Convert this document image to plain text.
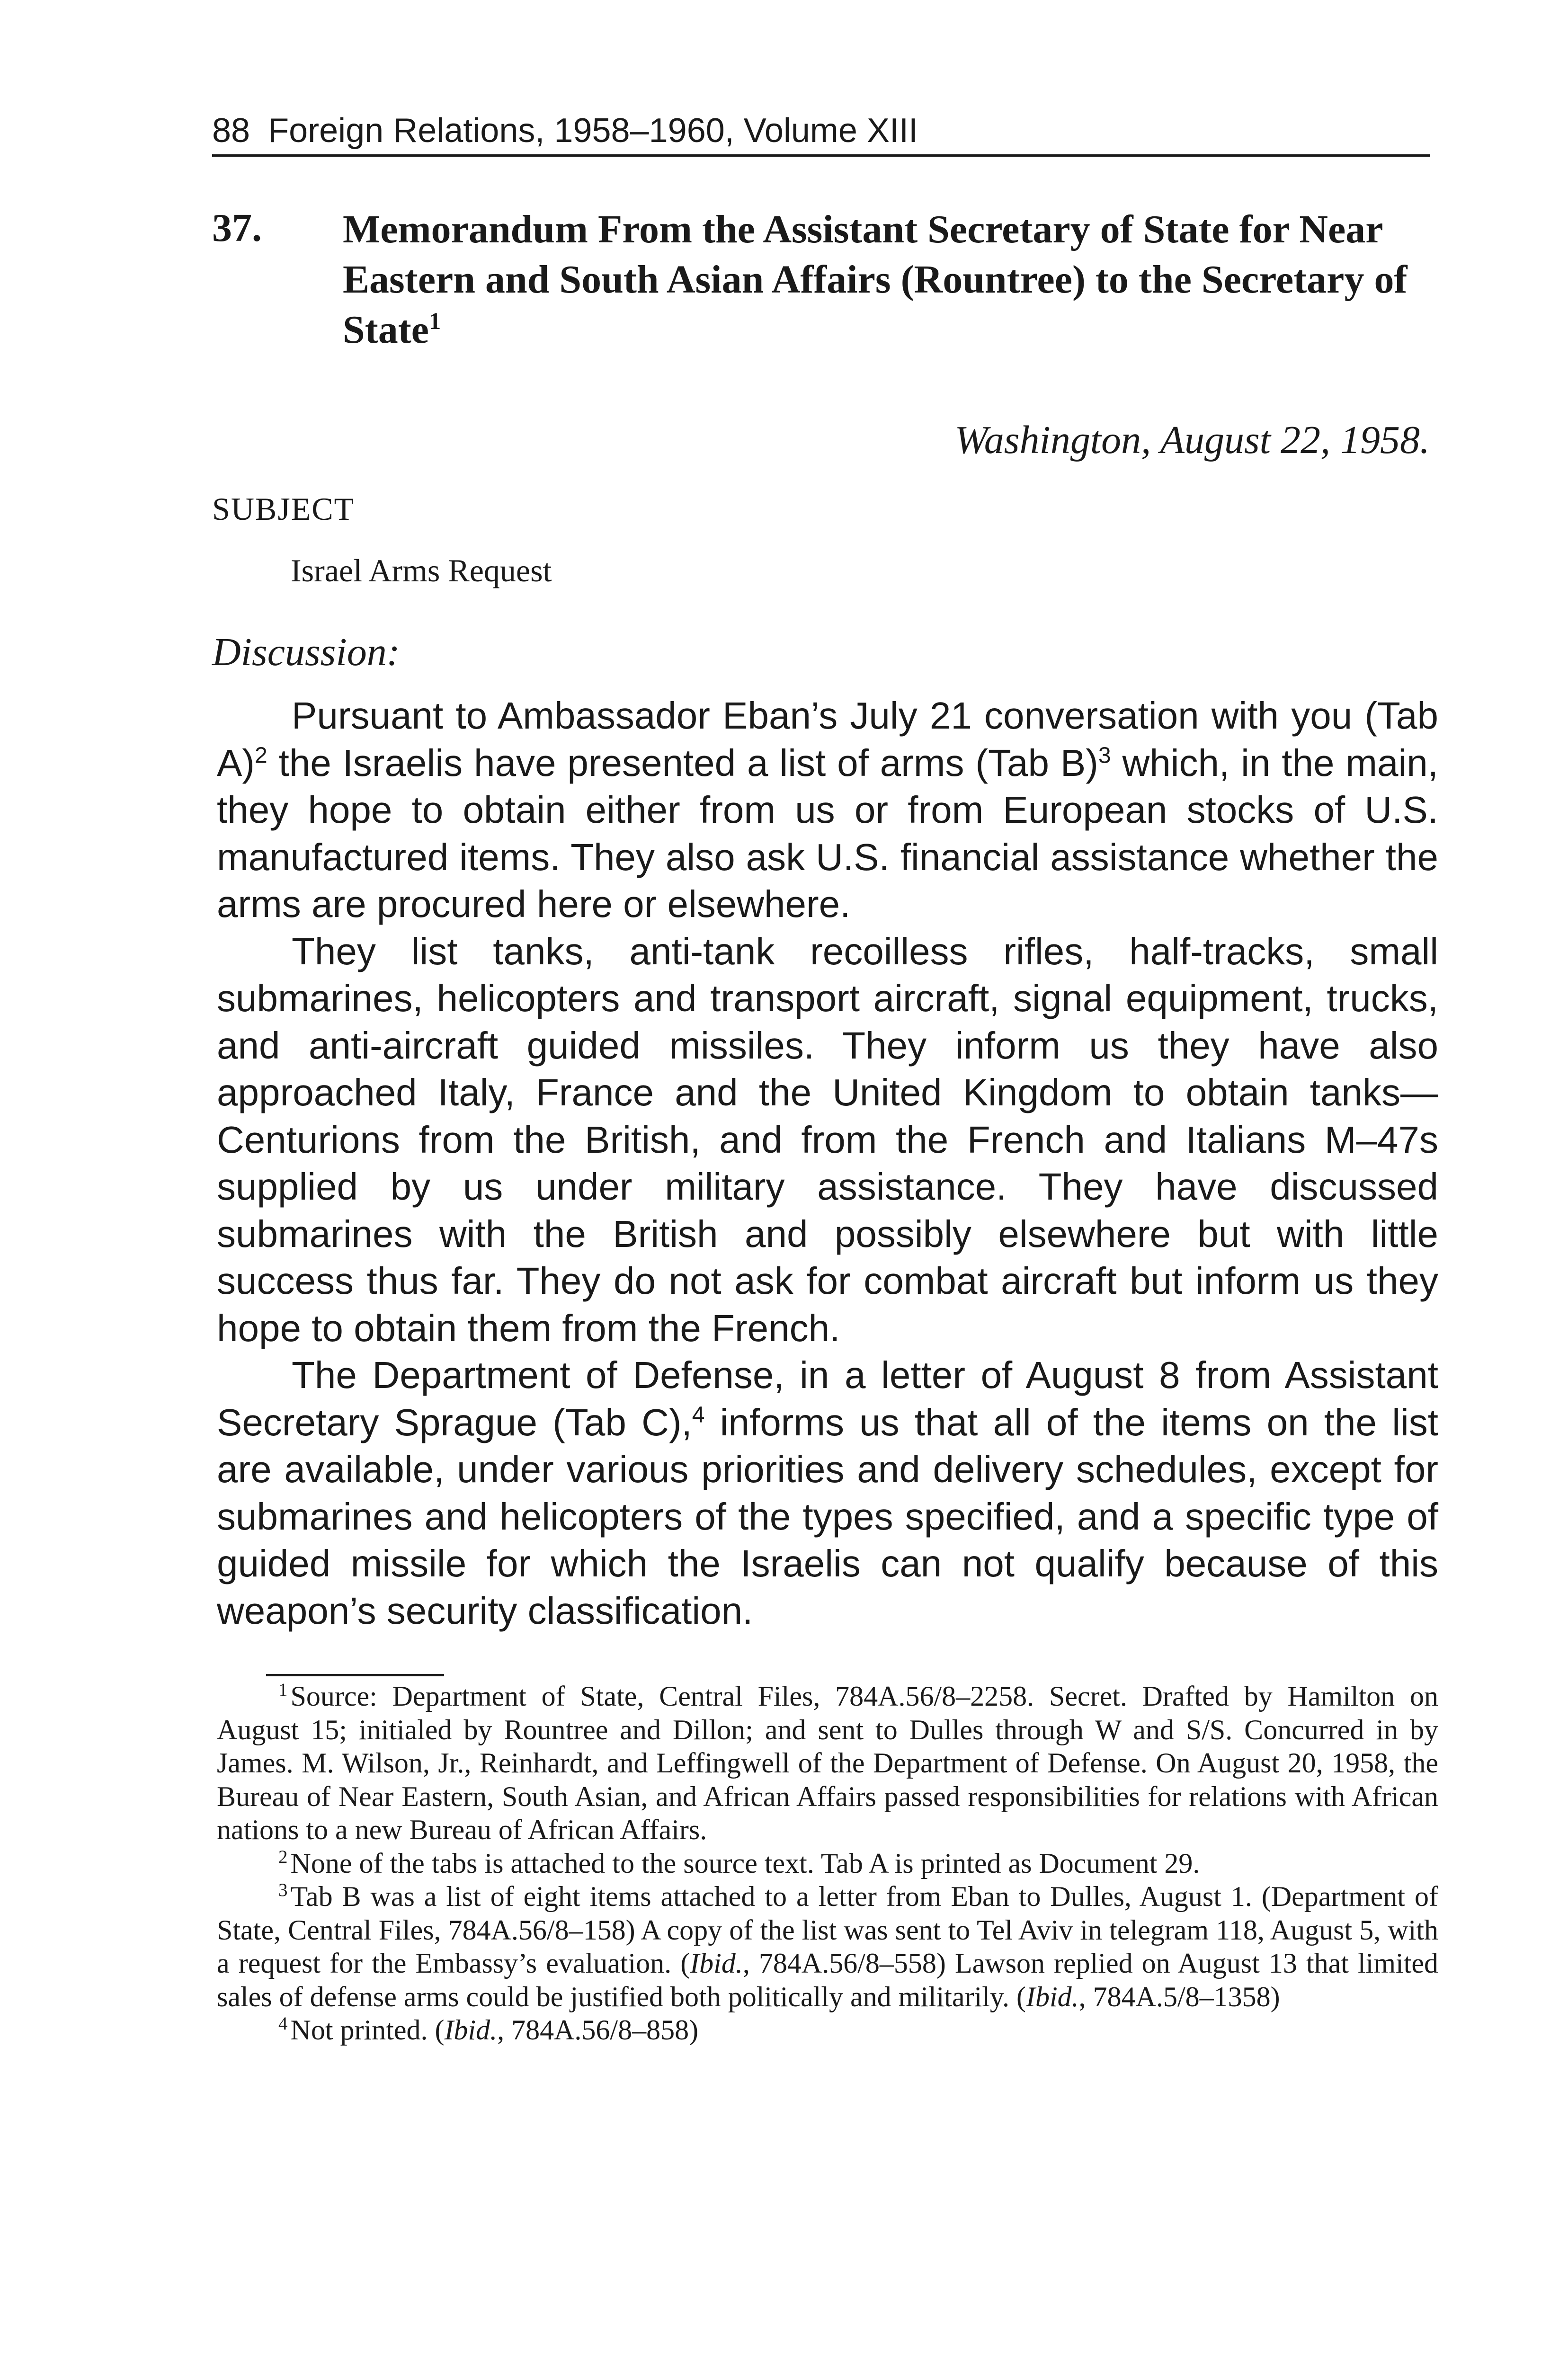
88 Foreign Relations, 1958–1960, Volume XIII
37. Memorandum From the Assistant Secretary of State for Near Eastern and South Asian Affairs (Rountree) to the Secretary of State$^1$
Washington, August 22, 1958.
SUBJECT
Israel Arms Request
Discussion:

Pursuant to Ambassador Eban’s July 21 conversation with you (Tab A)$^2$ the Israelis have presented a list of arms (Tab B)$^3$ which, in the main, they hope to obtain either from us or from European stocks of U.S. manufactured items. They also ask U.S. financial assistance whether the arms are procured here or elsewhere.

They list tanks, anti-tank recoilless rifles, half-tracks, small submarines, helicopters and transport aircraft, signal equipment, trucks, and anti-aircraft guided missiles. They inform us they have also approached Italy, France and the United Kingdom to obtain tanks—Centurions from the British, and from the French and Italians M–47s supplied by us under military assistance. They have discussed submarines with the British and possibly elsewhere but with little success thus far. They do not ask for combat aircraft but inform us they hope to obtain them from the French.

The Department of Defense, in a letter of August 8 from Assistant Secretary Sprague (Tab C),$^4$ informs us that all of the items on the list are available, under various priorities and delivery schedules, except for submarines and helicopters of the types specified, and a specific type of guided missile for which the Israelis can not qualify because of this weapon’s security classification.

$^1$ Source: Department of State, Central Files, 784A.56/8–2258. Secret. Drafted by Hamilton on August 15; initialed by Rountree and Dillon; and sent to Dulles through W and S/S. Concurred in by James. M. Wilson, Jr., Reinhardt, and Leffingwell of the Department of Defense. On August 20, 1958, the Bureau of Near Eastern, South Asian, and African Affairs passed responsibilities for relations with African nations to a new Bureau of African Affairs.

$^2$ None of the tabs is attached to the source text. Tab A is printed as Document 29.

$^3$ Tab B was a list of eight items attached to a letter from Eban to Dulles, August 1. (Department of State, Central Files, 784A.56/8–158) A copy of the list was sent to Tel Aviv in telegram 118, August 5, with a request for the Embassy’s evaluation. (Ibid., 784A.56/8–558) Lawson replied on August 13 that limited sales of defense arms could be justified both politically and militarily. (Ibid., 784A.5/8–1358)

$^4$ Not printed. (Ibid., 784A.56/8–858)
